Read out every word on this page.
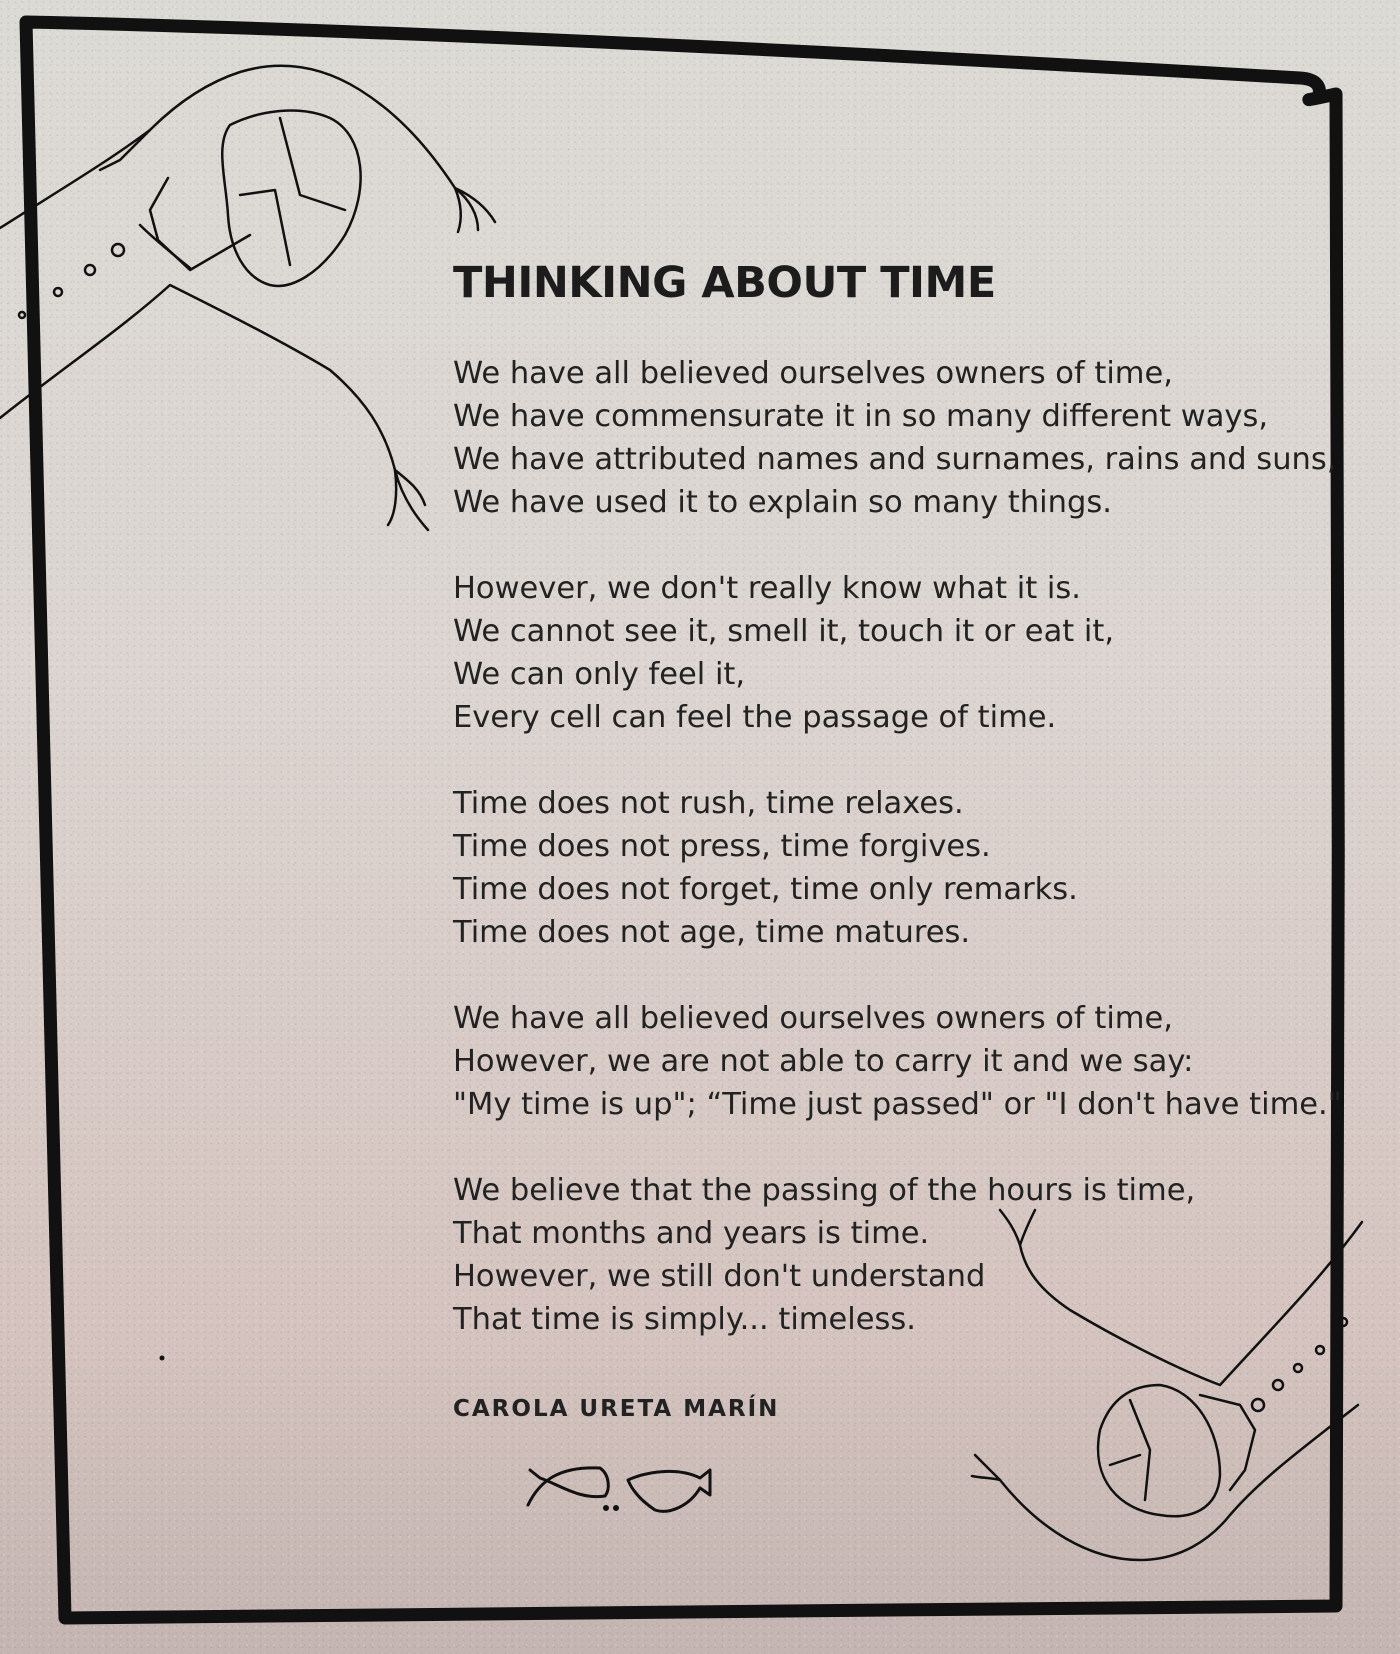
THINKING ABOUT TIME
We have all believed ourselves owners of time,
We have commensurate it in so many different ways,
We have attributed names and surnames, rains and suns,
We have used it to explain so many things.
However, we don't really know what it is.
We cannot see it, smell it, touch it or eat it,
We can only feel it,
Every cell can feel the passage of time.
Time does not rush, time relaxes.
Time does not press, time forgives.
Time does not forget, time only remarks.
Time does not age, time matures.
We have all believed ourselves owners of time,
However, we are not able to carry it and we say:
"My time is up"; “Time just passed" or "I don't have time."
We believe that the passing of the hours is time,
That months and years is time.
However, we still don't understand
That time is simply... timeless.

CAROLA URETA MARÍN
